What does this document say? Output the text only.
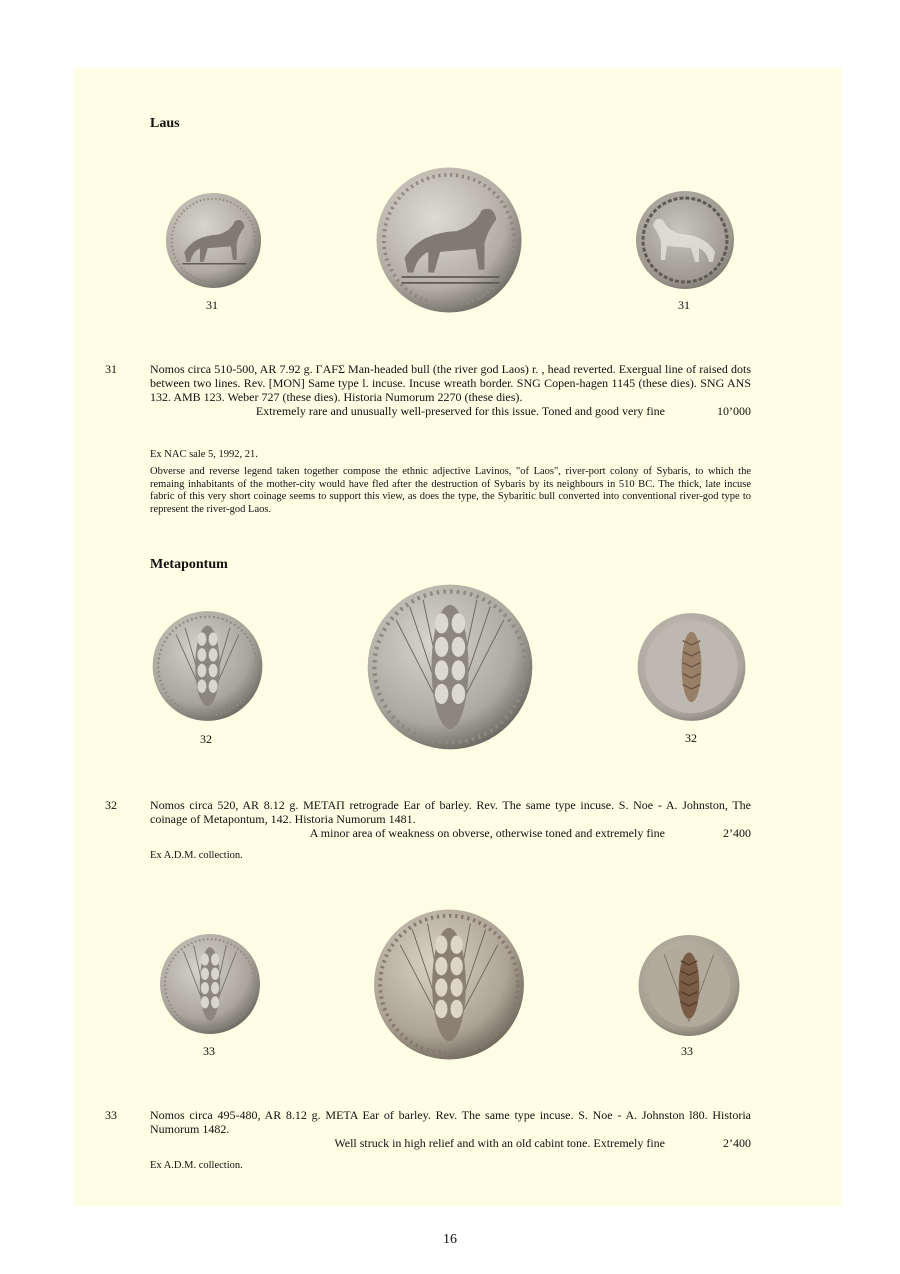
Laus
31	31
31	Nomos circa 510-500, AR 7.92 g. ΓAFΣ Man-headed bull (the river god Laos) r. , head reverted. Exergual line of raised dots between two lines. Rev. [MON] Same type l. incuse. Incuse wreath border. SNG Copen-hagen 1145 (these dies). SNG ANS 132. AMB 123. Weber 727 (these dies). Historia Numorum 2270 (these dies).
Extremely rare and unusually well-preserved for this issue. Toned and good very fine	10’000
Ex NAC sale 5, 1992, 21.
Obverse and reverse legend taken together compose the ethnic adjective Lavinos, "of Laos", river-port colony of Sybaris, to which the remaing inhabitants of the mother-city would have fled after the destruction of Sybaris by its neighbours in 510 BC. The thick, late incuse fabric of this very short coinage seems to support this view, as does the type, the Sybaritic bull converted into conventional river-god type to represent the river-god Laos.
Metapontum
32	32
32	Nomos circa 520, AR 8.12 g. METAΠ retrograde Ear of barley. Rev. The same type incuse. S. Noe - A. Johnston, The coinage of Metapontum, 142. Historia Numorum 1481.
A minor area of weakness on obverse, otherwise toned and extremely fine	2’400
Ex A.D.M. collection.
33	33
33	Nomos circa 495-480, AR 8.12 g. META Ear of barley. Rev. The same type incuse. S. Noe - A. Johnston l80. Historia Numorum 1482.
Well struck in high relief and with an old cabint tone. Extremely fine	2’400
Ex A.D.M. collection.
16
